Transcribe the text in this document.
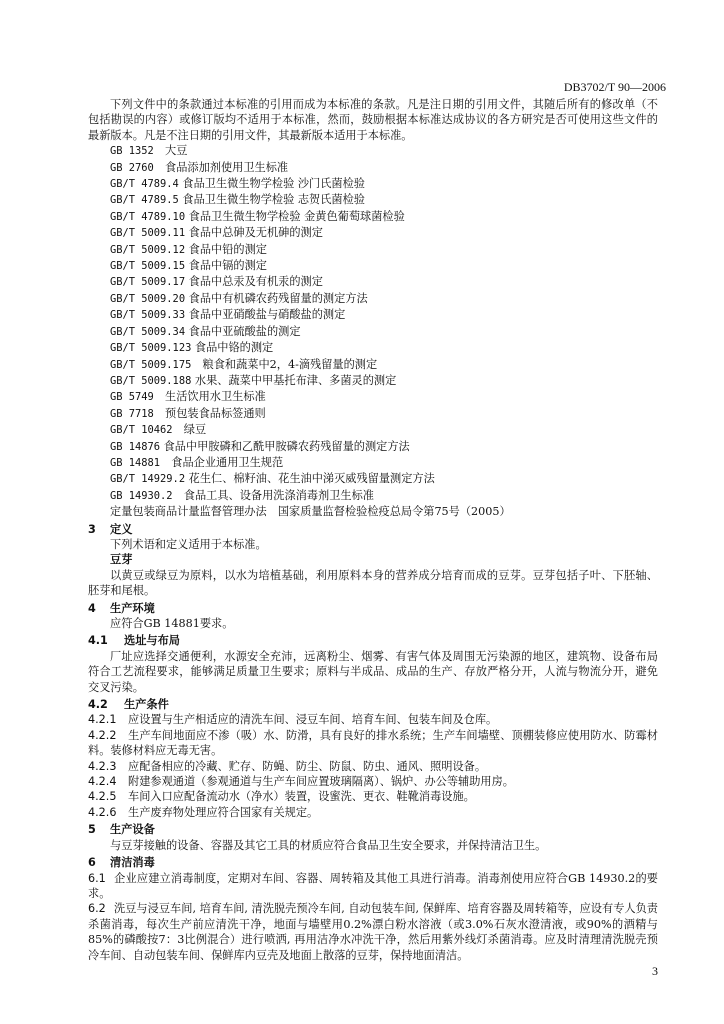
DB3702/T 90—2006

下列文件中的条款通过本标准的引用而成为本标准的条款。凡是注日期的引用文件，其随后所有的修改单（不包括勘误的内容）或修订版均不适用于本标准，然而，鼓励根据本标准达成协议的各方研究是否可使用这些文件的最新版本。凡是不注日期的引用文件，其最新版本适用于本标准。

GB 1352　 大豆

GB 2760　 食品添加剂使用卫生标准

GB/T 4789.4 食品卫生微生物学检验 沙门氏菌检验

GB/T 4789.5 食品卫生微生物学检验 志贺氏菌检验

GB/T 4789.10 食品卫生微生物学检验 金黄色葡萄球菌检验

GB/T 5009.11 食品中总砷及无机砷的测定

GB/T 5009.12 食品中铅的测定

GB/T 5009.15 食品中镉的测定

GB/T 5009.17 食品中总汞及有机汞的测定

GB/T 5009.20 食品中有机磷农药残留量的测定方法

GB/T 5009.33 食品中亚硝酸盐与硝酸盐的测定

GB/T 5009.34 食品中亚硫酸盐的测定

GB/T 5009.123 食品中铬的测定

GB/T 5009.175　 粮食和蔬菜中2，4-滴残留量的测定

GB/T 5009.188 水果、蔬菜中甲基托布津、多菌灵的测定

GB 5749　 生活饮用水卫生标准

GB 7718　 预包装食品标签通则

GB/T 10462　 绿豆

GB 14876 食品中甲胺磷和乙酰甲胺磷农药残留量的测定方法

GB 14881　 食品企业通用卫生规范

GB/T 14929.2 花生仁、棉籽油、花生油中涕灭威残留量测定方法

GB 14930.2　 食品工具、设备用洗涤消毒剂卫生标准

定量包装商品计量监督管理办法　国家质量监督检验检疫总局令第75号（2005）

3 定义

下列术语和定义适用于本标准。

豆芽

以黄豆或绿豆为原料，以水为培植基础，利用原料本身的营养成分培育而成的豆芽。豆芽包括子叶、下胚轴、胚芽和尾根。

4 生产环境

应符合GB 14881要求。

4.1 选址与布局

厂址应选择交通便利，水源安全充沛，远离粉尘、烟雾、有害气体及周围无污染源的地区，建筑物、设备布局符合工艺流程要求，能够满足质量卫生要求；原料与半成品、成品的生产、存放严格分开，人流与物流分开，避免交叉污染。

4.2 生产条件

4.2.1 应设置与生产相适应的清洗车间、浸豆车间、培育车间、包装车间及仓库。

4.2.2 生产车间地面应不渗（吸）水、防滑，具有良好的排水系统；生产车间墙壁、顶棚装修应使用防水、防霉材料。装修材料应无毒无害。

4.2.3 应配备相应的冷藏、贮存、防蝇、防尘、防鼠、防虫、通风、照明设备。

4.2.4 附建参观通道（参观通道与生产车间应置玻璃隔离）、锅炉、办公等辅助用房。

4.2.5 车间入口应配备流动水（净水）装置，设蜜洗、更衣、鞋靴消毒设施。

4.2.6 生产废弃物处理应符合国家有关规定。

5 生产设备

与豆芽接触的设备、容器及其它工具的材质应符合食品卫生安全要求，并保持清洁卫生。

6 清洁消毒

6.1 企业应建立消毒制度，定期对车间、容器、周转箱及其他工具进行消毒。消毒剂使用应符合GB 14930.2的要求。

6.2 洗豆与浸豆车间, 培育车间, 清洗脱壳预冷车间, 自动包装车间, 保鲜库、培育容器及周转箱等，应设有专人负责杀菌消毒，每次生产前应清洗干净，地面与墙壁用0.2%漂白粉水溶液（或3.0%石灰水澄清液，或90%的酒精与85%的磷酸按7：3比例混合）进行喷洒, 再用洁净水冲洗干净，然后用紫外线灯杀菌消毒。应及时清理清洗脱壳预冷车间、自动包装车间、保鲜库内豆壳及地面上散落的豆芽，保持地面清洁。

3
